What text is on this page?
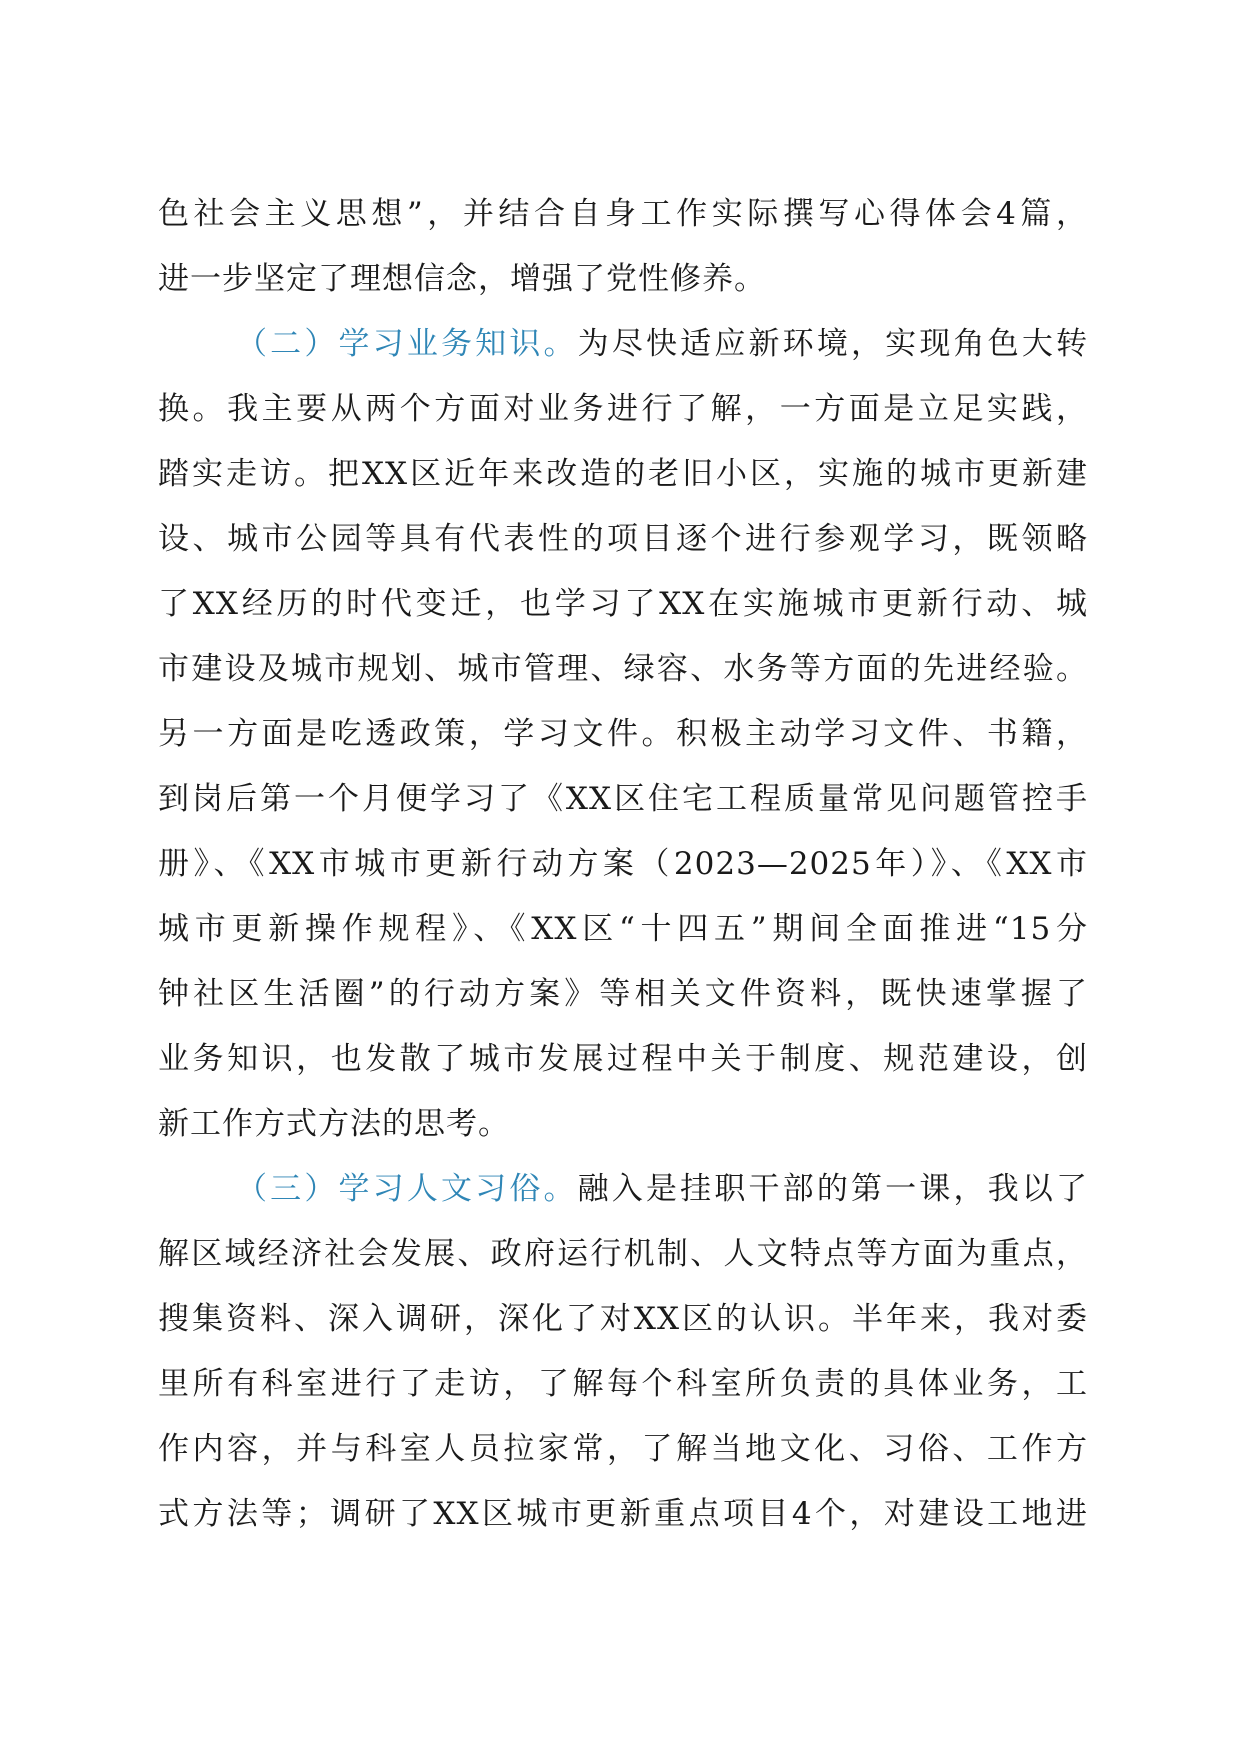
色社会主义思想”，并结合自身工作实际撰写心得体会4篇，
进一步坚定了理想信念，增强了党性修养。
（二）学习业务知识。为尽快适应新环境，实现角色大转
换。我主要从两个方面对业务进行了解，一方面是立足实践，
踏实走访。把XX区近年来改造的老旧小区，实施的城市更新建
设、城市公园等具有代表性的项目逐个进行参观学习，既领略
了XX经历的时代变迁，也学习了XX在实施城市更新行动、城
市建设及城市规划、城市管理、绿容、水务等方面的先进经验。
另一方面是吃透政策，学习文件。积极主动学习文件、书籍，
到岗后第一个月便学习了《XX区住宅工程质量常见问题管控手
册》、《XX市城市更新行动方案（2023—2025年）》、《XX市
城市更新操作规程》、《XX区“十四五”期间全面推进“15分
钟社区生活圈”的行动方案》等相关文件资料，既快速掌握了
业务知识，也发散了城市发展过程中关于制度、规范建设，创
新工作方式方法的思考。
（三）学习人文习俗。融入是挂职干部的第一课，我以了
解区域经济社会发展、政府运行机制、人文特点等方面为重点，
搜集资料、深入调研，深化了对XX区的认识。半年来，我对委
里所有科室进行了走访，了解每个科室所负责的具体业务，工
作内容，并与科室人员拉家常，了解当地文化、习俗、工作方
式方法等；调研了XX区城市更新重点项目4个，对建设工地进
